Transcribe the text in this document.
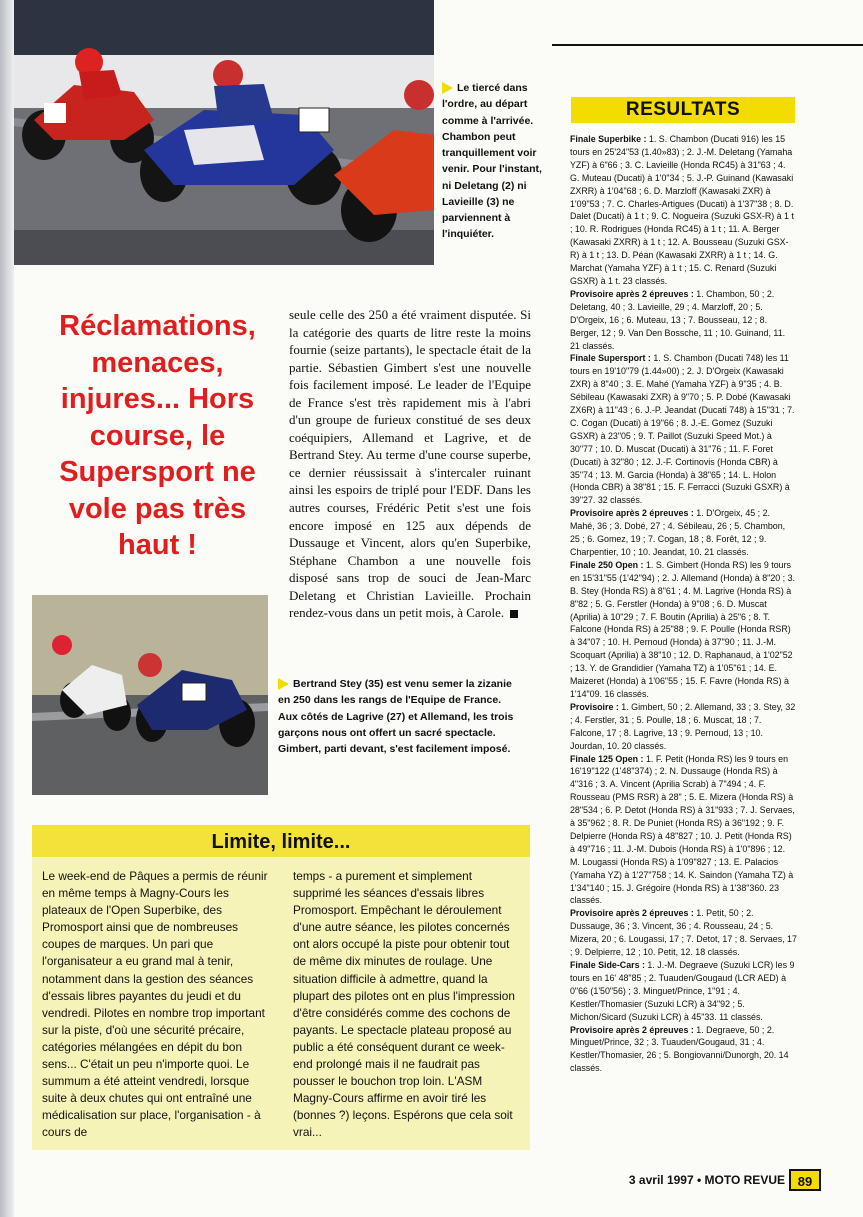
Le tiercé dans l'ordre, au départ comme à l'arrivée. Chambon peut tranquillement voir venir. Pour l'instant, ni Deletang (2) ni Lavieille (3) ne parviennent à l'inquiéter.
Réclamations, menaces, injures... Hors course, le Supersport ne vole pas très haut !
seule celle des 250 a été vraiment disputée. Si la catégorie des quarts de litre reste la moins fournie (seize partants), le spectacle était de la partie. Sébastien Gimbert s'est une nouvelle fois facilement imposé. Le leader de l'Equipe de France s'est très rapidement mis à l'abri d'un groupe de furieux constitué de ses deux coéquipiers, Allemand et Lagrive, et de Bertrand Stey. Au terme d'une course superbe, ce dernier réussissait à s'intercaler ruinant ainsi les espoirs de triplé pour l'EDF. Dans les autres courses, Frédéric Petit s'est une fois encore imposé en 125 aux dépends de Dussauge et Vincent, alors qu'en Superbike, Stéphane Chambon a une nouvelle fois disposé sans trop de souci de Jean-Marc Deletang et Christian Lavieille. Prochain rendez-vous dans un petit mois, à Carole.
Bertrand Stey (35) est venu semer la zizanie en 250 dans les rangs de l'Equipe de France. Aux côtés de Lagrive (27) et Allemand, les trois garçons nous ont offert un sacré spectacle. Gimbert, parti devant, s'est facilement imposé.
RESULTATS

Finale Superbike : 1. S. Chambon (Ducati 916) les 15 tours en 25'24"53 (1.40»83) ; 2. J.-M. Deletang (Yamaha YZF) à 6"66 ; 3. C. Lavieille (Honda RC45) à 31"63 ; 4. G. Muteau (Ducati) à 1'0"34 ; 5. J.-P. Guinand (Kawasaki ZXRR) à 1'04"68 ; 6. D. Marzloff (Kawasaki ZXR) à 1'09"53 ; 7. C. Charles-Artigues (Ducati) à 1'37"38 ; 8. D. Dalet (Ducati) à 1 t ; 9. C. Nogueira (Suzuki GSX-R) à 1 t ; 10. R. Rodrigues (Honda RC45) à 1 t ; 11. A. Berger (Kawasaki ZXRR) à 1 t ; 12. A. Bousseau (Suzuki GSX-R) à 1 t ; 13. D. Péan (Kawasaki ZXRR) à 1 t ; 14. G. Marchat (Yamaha YZF) à 1 t ; 15. C. Renard (Suzuki GSXR) à 1 t. 23 classés.

Provisoire après 2 épreuves : 1. Chambon, 50 ; 2. Deletang, 40 ; 3. Lavieille, 29 ; 4. Marzloff, 20 ; 5. D'Orgeix, 16 ; 6. Muteau, 13 ; 7. Bousseau, 12 ; 8. Berger, 12 ; 9. Van Den Bossche, 11 ; 10. Guinand, 11. 21 classés.

Finale Supersport : 1. S. Chambon (Ducati 748) les 11 tours en 19'10"79 (1.44»00) ; 2. J. D'Orgeix (Kawasaki ZXR) à 8"40 ; 3. E. Mahé (Yamaha YZF) à 9"35 ; 4. B. Sébileau (Kawasaki ZXR) à 9"70 ; 5. P. Dobé (Kawasaki ZX6R) à 11"43 ; 6. J.-P. Jeandat (Ducati 748) à 15"31 ; 7. C. Cogan (Ducati) à 19"66 ; 8. J.-E. Gomez (Suzuki GSXR) à 23"05 ; 9. T. Paillot (Suzuki Speed Mot.) à 30"77 ; 10. D. Muscat (Ducati) à 31"76 ; 11. F. Foret (Ducati) à 32"80 ; 12. J.-F. Cortinovis (Honda CBR) à 35"74 ; 13. M. Garcia (Honda) à 38"65 ; 14. L. Holon (Honda CBR) à 38"81 ; 15. F. Ferracci (Suzuki GSXR) à 39"27. 32 classés.

Provisoire après 2 épreuves : 1. D'Orgeix, 45 ; 2. Mahé, 36 ; 3. Dobé, 27 ; 4. Sébileau, 26 ; 5. Chambon, 25 ; 6. Gomez, 19 ; 7. Cogan, 18 ; 8. Forêt, 12 ; 9. Charpentier, 10 ; 10. Jeandat, 10. 21 classés.

Finale 250 Open : 1. S. Gimbert (Honda RS) les 9 tours en 15'31"55 (1'42"94) ; 2. J. Allemand (Honda) à 8"20 ; 3. B. Stey (Honda RS) à 8"61 ; 4. M. Lagrive (Honda RS) à 8"82 ; 5. G. Ferstler (Honda) à 9"08 ; 6. D. Muscat (Aprilia) à 10"29 ; 7. F. Boutin (Aprilia) à 25"6 ; 8. T. Falcone (Honda RS) à 25"88 ; 9. F. Poulle (Honda RSR) à 34"07 ; 10. H. Pernoud (Honda) à 37"90 ; 11. J.-M. Scoquart (Aprilia) à 38"10 ; 12. D. Raphanaud, à 1'02"52 ; 13. Y. de Grandidier (Yamaha TZ) à 1'05"61 ; 14. E. Maizeret (Honda) à 1'06"55 ; 15. F. Favre (Honda RS) à 1'14"09. 16 classés.

Provisoire : 1. Gimbert, 50 ; 2. Allemand, 33 ; 3. Stey, 32 ; 4. Ferstler, 31 ; 5. Poulle, 18 ; 6. Muscat, 18 ; 7. Falcone, 17 ; 8. Lagrive, 13 ; 9. Pernoud, 13 ; 10. Jourdan, 10. 20 classés.

Finale 125 Open : 1. F. Petit (Honda RS) les 9 tours en 16'19"122 (1'48"374) ; 2. N. Dussauge (Honda RS) à 4"316 ; 3. A. Vincent (Aprilia Scrab) à 7"494 ; 4. F. Rousseau (PMS RSR) à 28" ; 5. E. Mizera (Honda RS) à 28"534 ; 6. P. Detot (Honda RS) à 31"933 ; 7. J. Servaes, à 35"962 ; 8. R. De Puniet (Honda RS) à 36"192 ; 9. F. Delpierre (Honda RS) à 48"827 ; 10. J. Petit (Honda RS) à 49"716 ; 11. J.-M. Dubois (Honda RS) à 1'0"896 ; 12. M. Lougassi (Honda RS) à 1'09"827 ; 13. E. Palacios (Yamaha YZ) à 1'27"758 ; 14. K. Saindon (Yamaha TZ) à 1'34"140 ; 15. J. Grégoire (Honda RS) à 1'38"360. 23 classés.

Provisoire après 2 épreuves : 1. Petit, 50 ; 2. Dussauge, 36 ; 3. Vincent, 36 ; 4. Rousseau, 24 ; 5. Mizera, 20 ; 6. Lougassi, 17 ; 7. Detot, 17 ; 8. Servaes, 17 ; 9. Delpierre, 12 ; 10. Petit, 12. 18 classés.

Finale Side-Cars : 1. J.-M. Degraeve (Suzuki LCR) les 9 tours en 16' 48"85 ; 2. Tuauden/Gougaud (LCR AED) à 0"66 (1'50"56) ; 3. Minguet/Prince, 1"91 ; 4. Kestler/Thomasier (Suzuki LCR) à 34"92 ; 5. Michon/Sicard (Suzuki LCR) à 45"33. 11 classés.

Provisoire après 2 épreuves : 1. Degraeve, 50 ; 2. Minguet/Prince, 32 ; 3. Tuauden/Gougaud, 31 ; 4. Kestler/Thomasier, 26 ; 5. Bongiovanni/Dunorgh, 20. 14 classés.

Limite, limite...
Le week-end de Pâques a permis de réunir en même temps à Magny-Cours les plateaux de l'Open Superbike, des Promosport ainsi que de nombreuses coupes de marques. Un pari que l'organisateur a eu grand mal à tenir, notamment dans la gestion des séances d'essais libres payantes du jeudi et du vendredi. Pilotes en nombre trop important sur la piste, d'où une sécurité précaire, catégories mélangées en dépit du bon sens... C'était un peu n'importe quoi. Le summum a été atteint vendredi, lorsque suite à deux chutes qui ont entraîné une médicalisation sur place, l'organisation - à cours de
temps - a purement et simplement supprimé les séances d'essais libres Promosport. Empêchant le déroulement d'une autre séance, les pilotes concernés ont alors occupé la piste pour obtenir tout de même dix minutes de roulage. Une situation difficile à admettre, quand la plupart des pilotes ont en plus l'impression d'être considérés comme des cochons de payants. Le spectacle plateau proposé au public a été conséquent durant ce week-end prolongé mais il ne faudrait pas pousser le bouchon trop loin. L'ASM Magny-Cours affirme en avoir tiré les (bonnes ?) leçons. Espérons que cela soit vrai...
3 avril 1997 • MOTO REVUE 89
